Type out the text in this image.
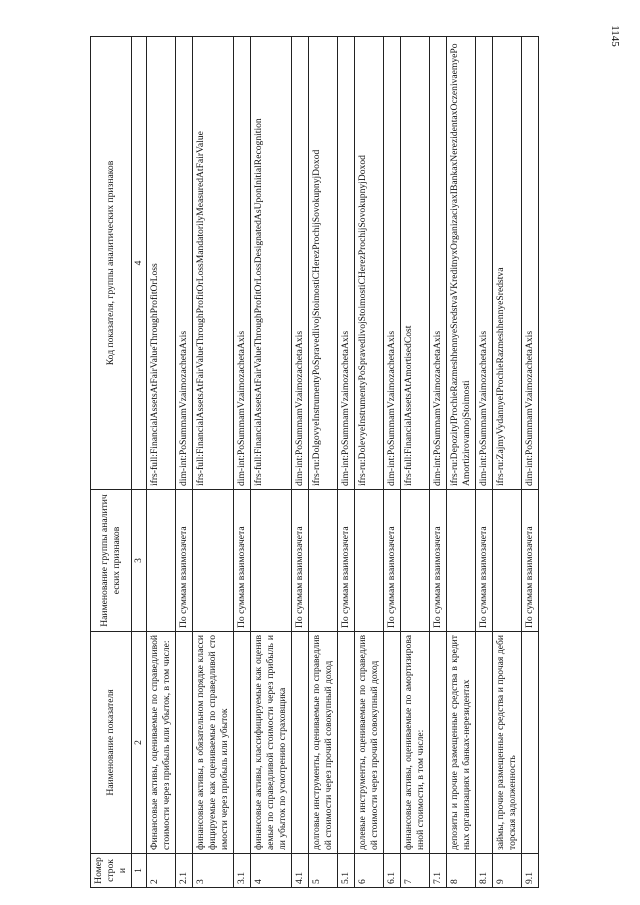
1145
Номер строки	Наименование показателя	Наименование группы аналитических признаков	Код показателя, группы аналитических признаков
1	2	3	4
2	Финансовые активы, оцениваемые по справедливой стоимости через прибыль или убыток, в том числе:		ifrs-full:FinancialAssetsAtFairValueThroughProfitOrLoss
2.1		По суммам взаимозачета	dim-int:PoSummamVzaimozachetaAxis
3	финансовые активы, в обязательном порядке классифицируемые как оцениваемые по справедливой стоимости через прибыль или убыток		ifrs-full:FinancialAssetsAtFairValueThroughProfitOrLossMandatorilyMeasuredAtFairValue
3.1		По суммам взаимозачета	dim-int:PoSummamVzaimozachetaAxis
4	финансовые активы, классифицируемые как оцениваемые по справедливой стоимости через прибыль или убыток по усмотрению страховщика		ifrs-full:FinancialAssetsAtFairValueThroughProfitOrLossDesignatedAsUponInitialRecognition
4.1		По суммам взаимозачета	dim-int:PoSummamVzaimozachetaAxis
5	долговые инструменты, оцениваемые по справедливой стоимости через прочий совокупный доход		ifrs-ru:DolgovyeInstrumentyPoSpravedlivojStoimostiCHerezProchijSovokupnyjDoxod
5.1		По суммам взаимозачета	dim-int:PoSummamVzaimozachetaAxis
6	долевые инструменты, оцениваемые по справедливой стоимости через прочий совокупный доход		ifrs-ru:DolevyeInstrumentyPoSpravedlivojStoimostiCHerezProchijSovokupnyjDoxod
6.1		По суммам взаимозачета	dim-int:PoSummamVzaimozachetaAxis
7	финансовые активы, оцениваемые по амортизированной стоимости, в том числе:		ifrs-full:FinancialAssetsAtAmortisedCost
7.1		По суммам взаимозачета	dim-int:PoSummamVzaimozachetaAxis
8	депозиты и прочие размещенные средства в кредитных организациях и банках-нерезидентах		ifrs-ru:DepozityIProchieRazmeshhennyeSredstvaVKreditnyxOrganizaciyaxIBankaxNerezidentaxOczenivaemyePoAmortizirovannojStoimosti
8.1		По суммам взаимозачета	dim-int:PoSummamVzaimozachetaAxis
9	займы, прочие размещенные средства и прочая дебиторская задолженность		ifrs-ru:ZajmyVydannyeIProchieRazmeshhennyeSredstva
9.1		По суммам взаимозачета	dim-int:PoSummamVzaimozachetaAxis
